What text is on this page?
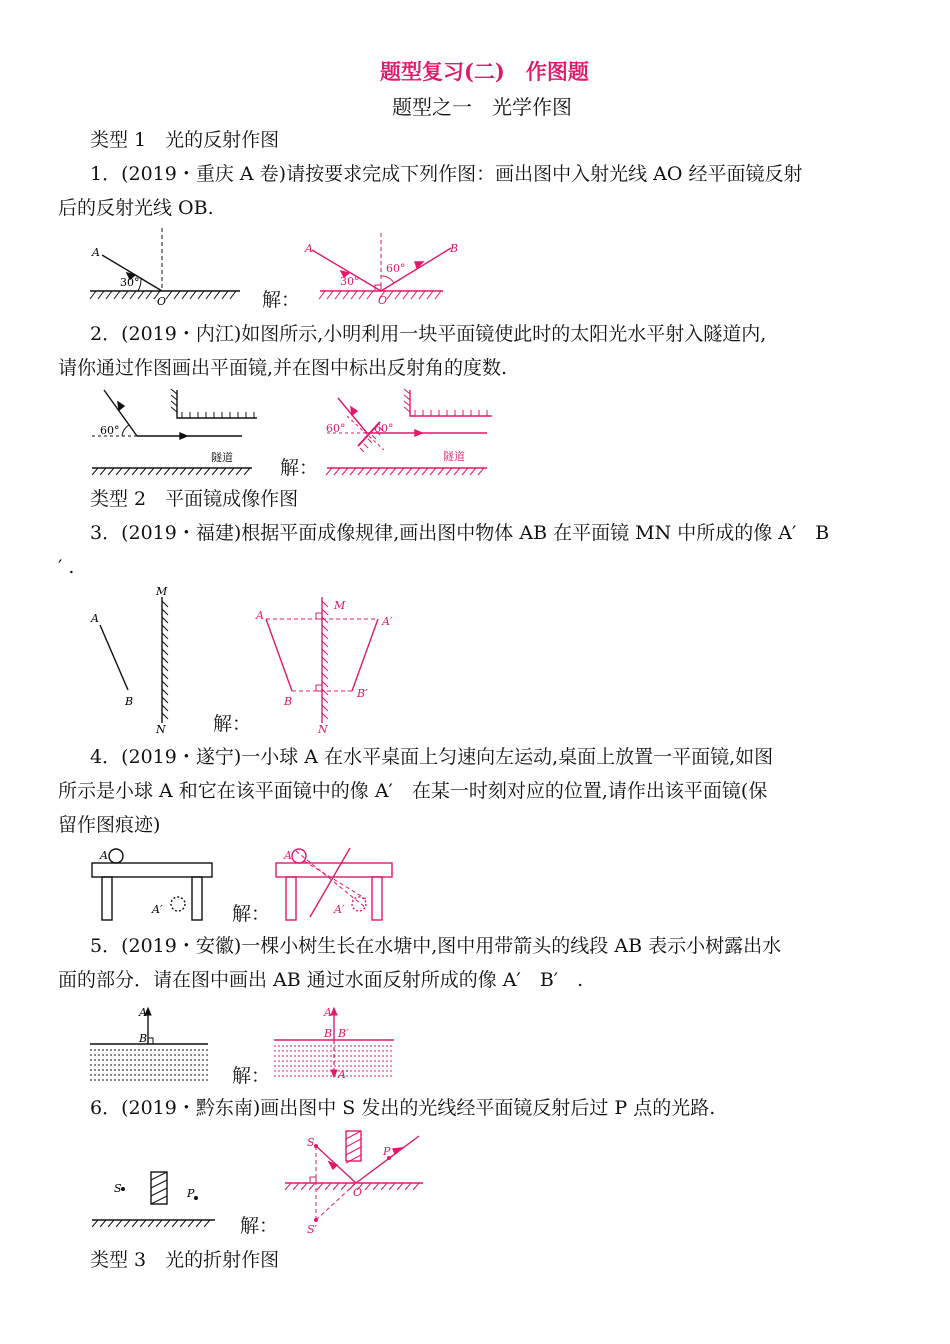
题型复习(二)　作图题
题型之一　光学作图
类型 1　光的反射作图
1．(2019・重庆 A 卷)请按要求完成下列作图：画出图中入射光线 AO 经平面镜反射
后的反射光线 OB.
A
30°
O	解：
A	B
30°
60°
O
2．(2019・内江)如图所示,小明利用一块平面镜使此时的太阳光水平射入隧道内,
请你通过作图画出平面镜,并在图中标出反射角的度数.
60°
隧道 解：
60°	60°
隧道
类型 2　平面镜成像作图
3．(2019・福建)根据平面成像规律,画出图中物体 AB 在平面镜 MN 中所成的像 A′　B
′ .
A
B
M
N 解：
A
B
M
N
A′
B′
4．(2019・遂宁)一小球 A 在水平桌面上匀速向左运动,桌面上放置一平面镜,如图
所示是小球 A 和它在该平面镜中的像 A′　在某一时刻对应的位置,请作出该平面镜(保
留作图痕迹)
A
A′	解：
A
A′
5．(2019・安徽)一棵小树生长在水塘中,图中用带箭头的线段 AB 表示小树露出水
面的部分．请在图中画出 AB 通过水面反射所成的像 A′　B′　.
A
B
解：
A
B B′
A′
6．(2019・黔东南)画出图中 S 发出的光线经平面镜反射后过 P 点的光路.
S	P
解：
S
P
O
S′
类型 3　光的折射作图
